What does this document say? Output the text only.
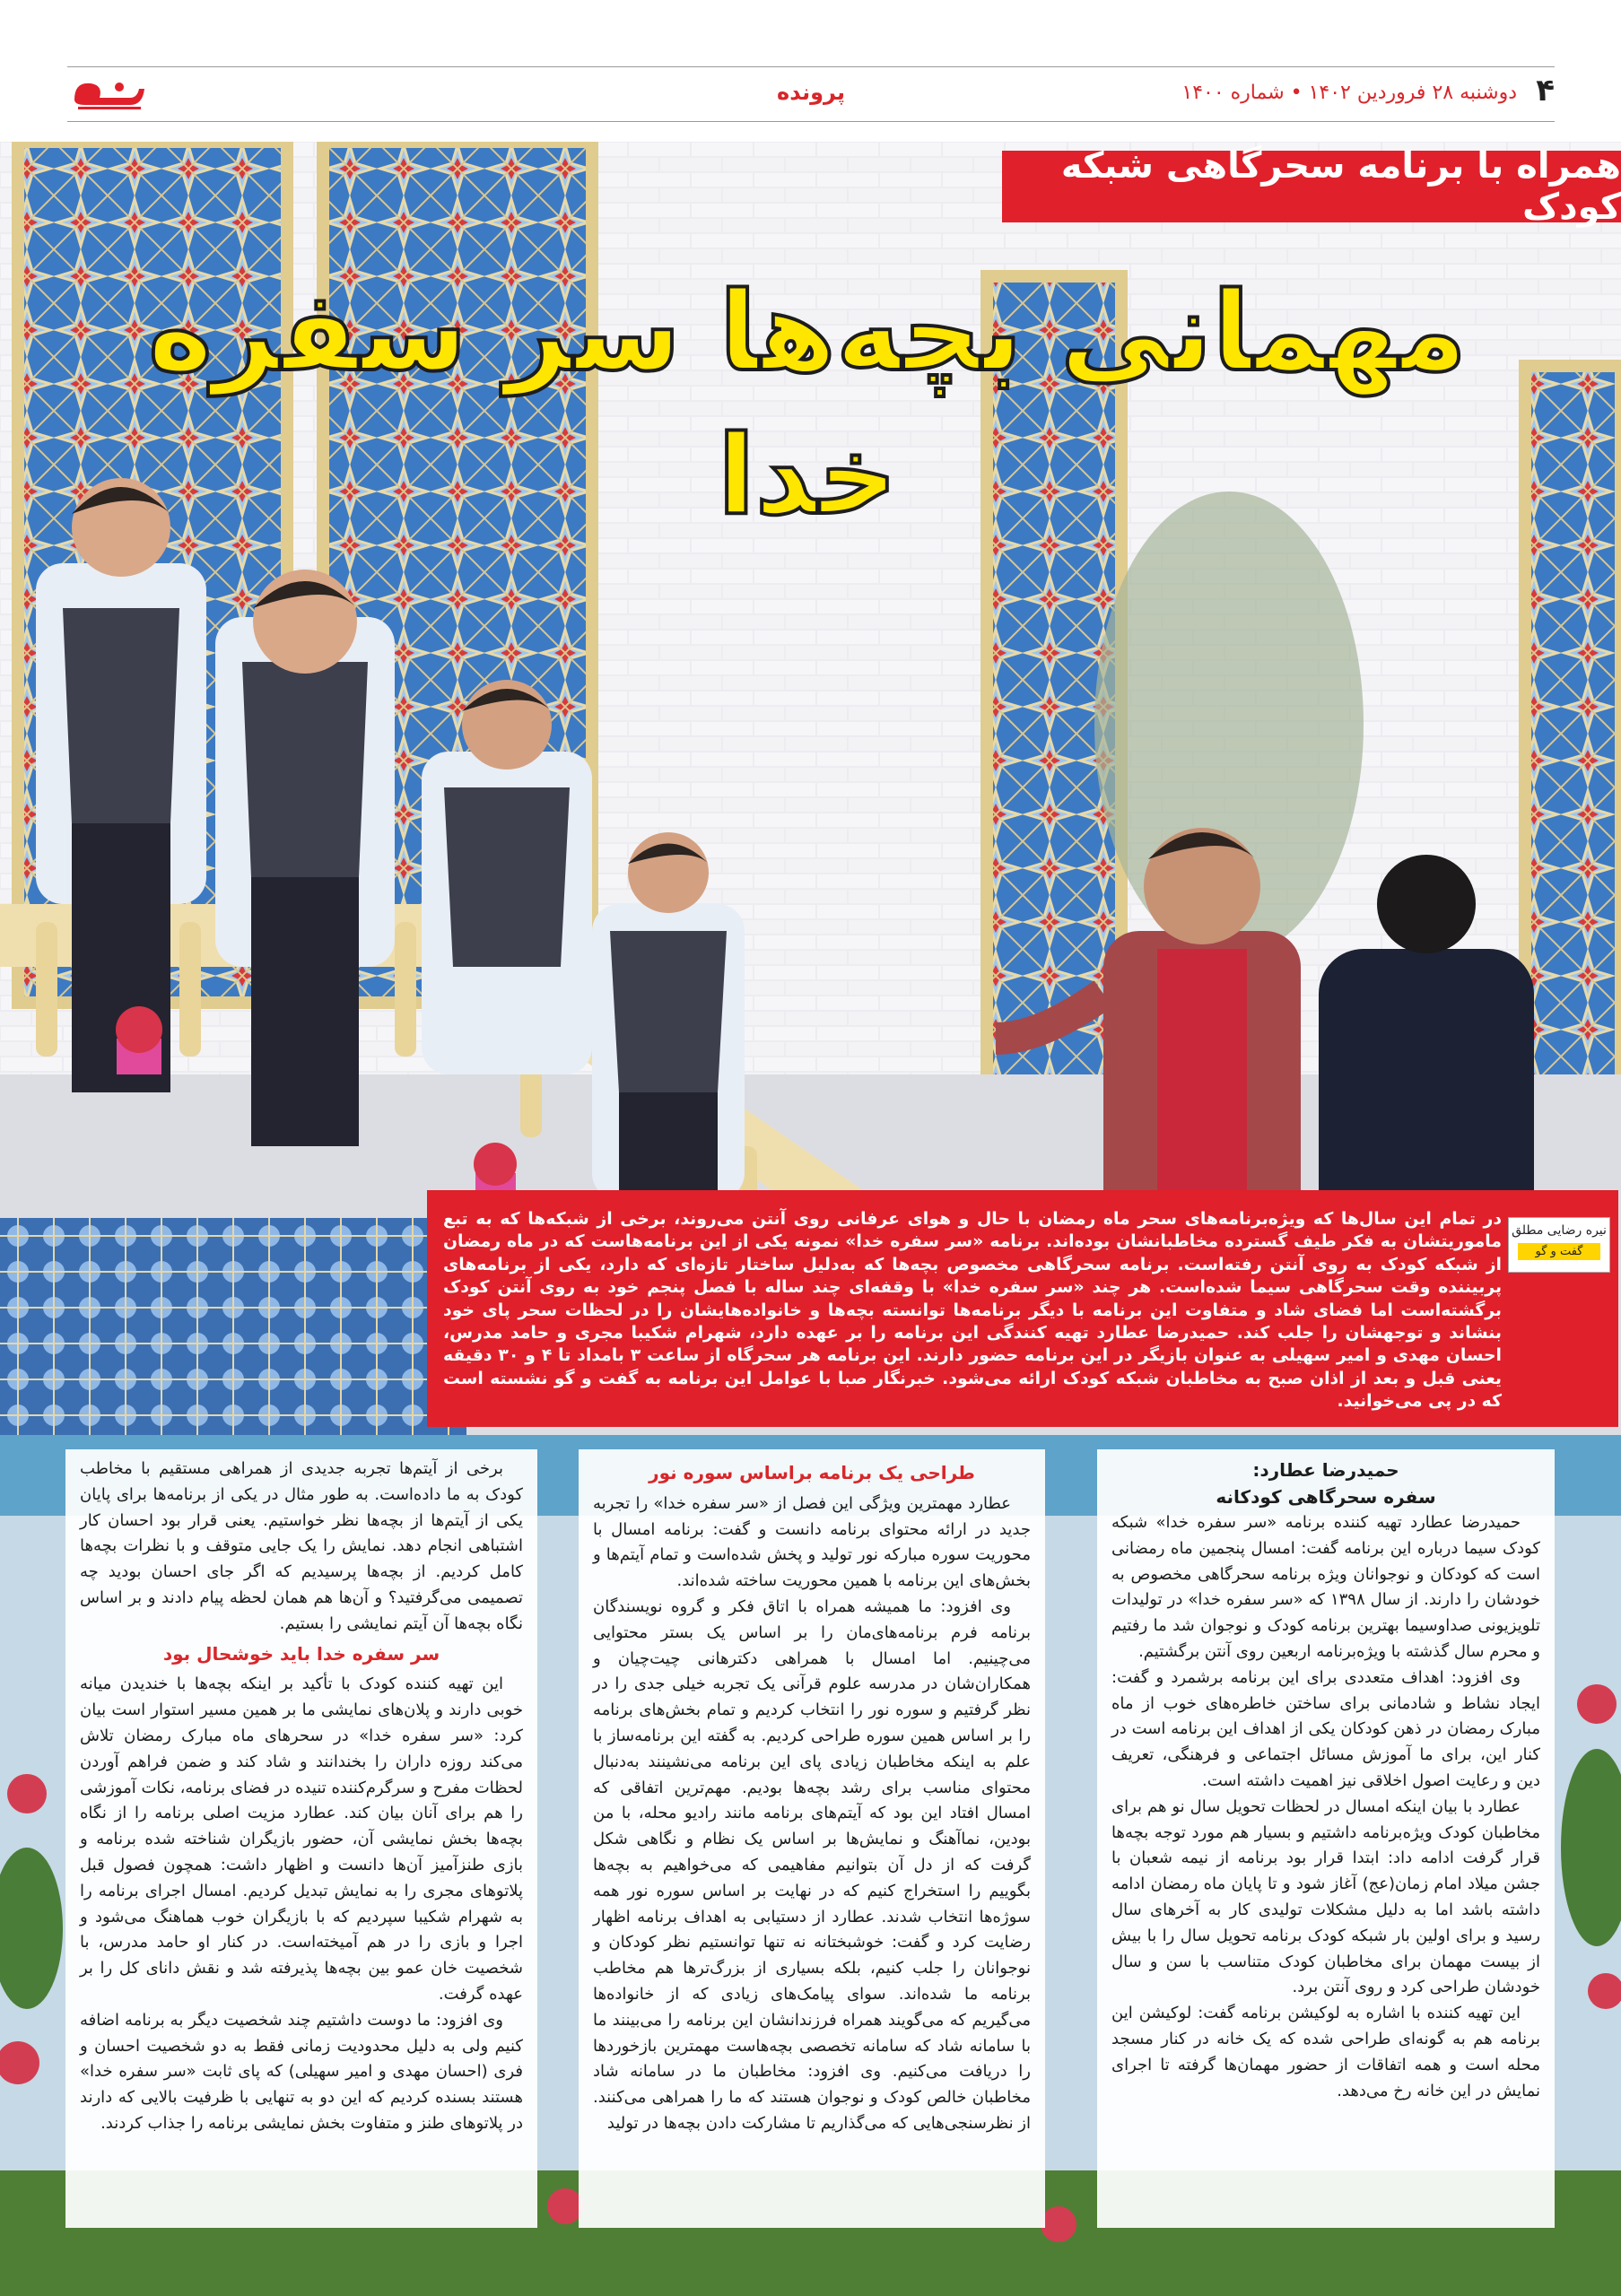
۴
دوشنبه ۲۸ فروردین ۱۴۰۲ • شماره ۱۴۰۰
پرونده
همراه با برنامه سحرگاهی شبکه کودک
مهمانی بچه‌ها سر سفره خدا
نیره رضایی مطلق
گفت و گو
در تمام این سال‌ها که ویژه‌برنامه‌های سحر ماه رمضان با حال و هوای عرفانی روی آنتن می‌روند، برخی از شبکه‌ها که به تبع ماموریتشان به فکر طیف گسترده مخاطبانشان بوده‌اند. برنامه «سر سفره خدا» نمونه یکی از این برنامه‌هاست که در ماه رمضان از شبکه کودک به روی آنتن رفته‌است. برنامه سحرگاهی مخصوص بچه‌ها که به‌دلیل ساختار تازه‌ای که دارد، یکی از برنامه‌های پربیننده وقت سحرگاهی سیما شده‌است. هر چند «سر سفره خدا» با وقفه‌ای چند ساله با فصل پنجم خود به روی آنتن کودک برگشته‌است اما فضای شاد و متفاوت این برنامه با دیگر برنامه‌ها توانسته بچه‌ها و خانواده‌هایشان را در لحظات سحر پای خود بنشاند و توجهشان را جلب کند. حمیدرضا عطارد تهیه کنندگی این برنامه را بر عهده دارد، شهرام شکیبا مجری و حامد مدرس، احسان مهدی و امیر سهیلی به عنوان بازیگر در این برنامه حضور دارند. این برنامه هر سحرگاه از ساعت ۳ بامداد تا ۴ و ۳۰ دقیقه یعنی قبل و بعد از اذان صبح به مخاطبان شبکه کودک ارائه می‌شود. خبرنگار صبا با عوامل این برنامه به گفت و گو نشسته است که در پی می‌خوانید.
حمیدرضا عطارد:
سفره سحرگاهی کودکانه

حمیدرضا عطارد تهیه کننده برنامه «سر سفره خدا» شبکه کودک سیما درباره این برنامه گفت: امسال پنجمین ماه رمضانی است که کودکان و نوجوانان ویژه برنامه سحرگاهی مخصوص به خودشان را دارند. از سال ۱۳۹۸ که «سر سفره خدا» در تولیدات تلویزیونی صداوسیما بهترین برنامه کودک و نوجوان شد ما رفتیم و محرم سال گذشته با ویژه‌برنامه اربعین روی آنتن برگشتیم.

وی افزود: اهداف متعددی برای این برنامه برشمرد و گفت: ایجاد نشاط و شادمانی برای ساختن خاطره‌های خوب از ماه مبارک رمضان در ذهن کودکان یکی از اهداف این برنامه است در کنار این، برای ما آموزش مسائل اجتماعی و فرهنگی، تعریف دین و رعایت اصول اخلاقی نیز اهمیت داشته است.

عطارد با بیان اینکه امسال در لحظات تحویل سال نو هم برای مخاطبان کودک ویژه‌برنامه داشتیم و بسیار هم مورد توجه بچه‌ها قرار گرفت ادامه داد: ابتدا قرار بود برنامه از نیمه شعبان با جشن میلاد امام زمان(عج) آغاز شود و تا پایان ماه رمضان ادامه داشته باشد اما به دلیل مشکلات تولیدی کار به آخرهای سال رسید و برای اولین بار شبکه کودک برنامه تحویل سال را با بیش از بیست مهمان برای مخاطبان کودک متناسب با سن و سال خودشان طراحی کرد و روی آنتن برد.

این تهیه کننده با اشاره به لوکیشن برنامه گفت: لوکیشن این برنامه هم به گونه‌ای طراحی شده که یک خانه در کنار مسجد محله است و همه اتفاقات از حضور مهمان‌ها گرفته تا اجرای نمایش در این خانه رخ می‌دهد.

طراحی یک برنامه براساس سوره نور

عطارد مهمترین ویژگی این فصل از «سر سفره خدا» را تجربه جدید در ارائه محتوای برنامه دانست و گفت: برنامه امسال با محوریت سوره مبارکه نور تولید و پخش شده‌است و تمام آیتم‌ها و بخش‌های این برنامه با همین محوریت ساخته شده‌اند.

وی افزود: ما همیشه همراه با اتاق فکر و گروه نویسندگان برنامه فرم برنامه‌های‌مان را بر اساس یک بستر محتوایی می‌چینیم. اما امسال با همراهی دکترهانی چیت‌چیان و همکاران‌شان در مدرسه علوم قرآنی یک تجربه خیلی جدی را در نظر گرفتیم و سوره نور را انتخاب کردیم و تمام بخش‌های برنامه را بر اساس همین سوره طراحی کردیم. به گفته این برنامه‌ساز با علم به اینکه مخاطبان زیادی پای این برنامه می‌نشینند به‌دنبال محتوای مناسب برای رشد بچه‌ها بودیم. مهم‌ترین اتفاقی که امسال افتاد این بود که آیتم‌های برنامه مانند رادیو محله، با من بودین، نماآهنگ و نمایش‌ها بر اساس یک نظام و نگاهی شکل گرفت که از دل آن بتوانیم مفاهیمی که می‌خواهیم به بچه‌ها بگوییم را استخراج کنیم که در نهایت بر اساس سوره نور همه سوژه‌ها انتخاب شدند. عطارد از دستیابی به اهداف برنامه اظهار رضایت کرد و گفت: خوشبختانه نه تنها توانستیم نظر کودکان و نوجوانان را جلب کنیم، بلکه بسیاری از بزرگ‌ترها هم مخاطب برنامه ما شده‌اند. سوای پیامک‌های زیادی که از خانواده‌ها می‌گیریم که می‌گویند همراه فرزندانشان این برنامه را می‌بینند ما با سامانه شاد که سامانه تخصصی بچه‌هاست مهمترین بازخوردها را دریافت می‌کنیم. وی افزود: مخاطبان ما در سامانه شاد مخاطبان خالص کودک و نوجوان هستند که ما را همراهی می‌کنند. از نظرسنجی‌هایی که می‌گذاریم تا مشارکت دادن بچه‌ها در تولید

برخی از آیتم‌ها تجربه جدیدی از همراهی مستقیم با مخاطب کودک به ما داده‌است. به طور مثال در یکی از برنامه‌ها برای پایان یکی از آیتم‌ها از بچه‌ها نظر خواستیم. یعنی قرار بود احسان کار اشتباهی انجام دهد. نمایش را یک جایی متوقف و با نظرات بچه‌ها کامل کردیم. از بچه‌ها پرسیدیم که اگر جای احسان بودید چه تصمیمی می‌گرفتید؟ و آن‌ها هم همان لحظه پیام دادند و بر اساس نگاه بچه‌ها آن آیتم نمایشی را بستیم.

سر سفره خدا باید خوشحال بود

این تهیه کننده کودک با تأکید بر اینکه بچه‌ها با خندیدن میانه خوبی دارند و پلان‌های نمایشی ما بر همین مسیر استوار است بیان کرد: «سر سفره خدا» در سحرهای ماه مبارک رمضان تلاش می‌کند روزه داران را بخندانند و شاد کند و ضمن فراهم آوردن لحظات مفرح و سرگرم‌کننده تنیده در فضای برنامه، نکات آموزشی را هم برای آنان بیان کند. عطارد مزیت اصلی برنامه را از نگاه بچه‌ها بخش نمایشی آن، حضور بازیگران شناخته شده برنامه و بازی طنزآمیز آن‌ها دانست و اظهار داشت: همچون فصول قبل پلاتوهای مجری را به نمایش تبدیل کردیم. امسال اجرای برنامه را به شهرام شکیبا سپردیم که با بازیگران خوب هماهنگ می‌شود و اجرا و بازی را در هم آمیخته‌است. در کنار او حامد مدرس، با شخصیت خان عمو بین بچه‌ها پذیرفته شد و نقش دانای کل را بر عهده گرفت.

وی افزود: ما دوست داشتیم چند شخصیت دیگر به برنامه اضافه کنیم ولی به دلیل محدودیت زمانی فقط به دو شخصیت احسان و فری (احسان مهدی و امیر سهیلی) که پای ثابت «سر سفره خدا» هستند بسنده کردیم که این دو به تنهایی با ظرفیت بالایی که دارند در پلاتوهای طنز و متفاوت بخش نمایشی برنامه را جذاب کردند.
